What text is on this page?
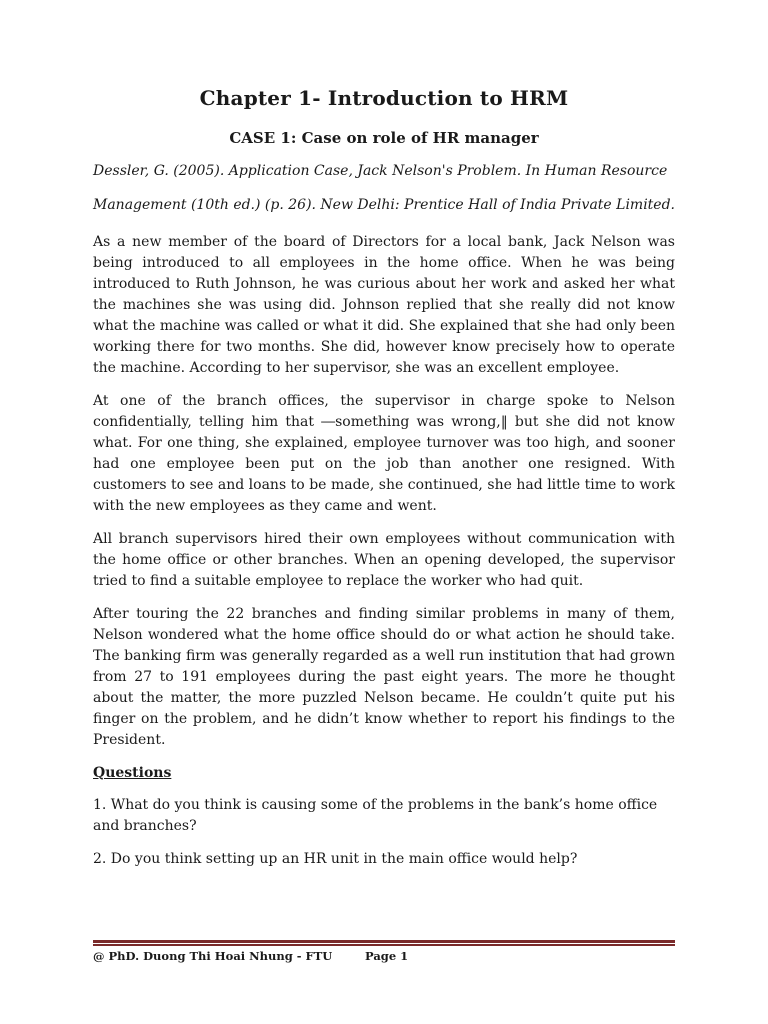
Chapter 1- Introduction to HRM
CASE 1: Case on role of HR manager
Dessler, G. (2005). Application Case, Jack Nelson's Problem. In Human Resource
Management (10th ed.) (p. 26). New Delhi: Prentice Hall of India Private Limited.

As a new member of the board of Directors for a local bank, Jack Nelson was being introduced to all employees in the home office. When he was being introduced to Ruth Johnson, he was curious about her work and asked her what the machines she was using did. Johnson replied that she really did not know what the machine was called or what it did. She explained that she had only been working there for two months. She did, however know precisely how to operate the machine. According to her supervisor, she was an excellent employee.

At one of the branch offices, the supervisor in charge spoke to Nelson confidentially, telling him that ―something was wrong,‖ but she did not know what. For one thing, she explained, employee turnover was too high, and sooner had one employee been put on the job than another one resigned. With customers to see and loans to be made, she continued, she had little time to work with the new employees as they came and went.

All branch supervisors hired their own employees without communication with the home office or other branches. When an opening developed, the supervisor tried to find a suitable employee to replace the worker who had quit.

After touring the 22 branches and finding similar problems in many of them, Nelson wondered what the home office should do or what action he should take. The banking firm was generally regarded as a well run institution that had grown from 27 to 191 employees during the past eight years. The more he thought about the matter, the more puzzled Nelson became. He couldn’t quite put his finger on the problem, and he didn’t know whether to report his findings to the President.

Questions

1. What do you think is causing some of the problems in the bank’s home office and branches?

2. Do you think setting up an HR unit in the main office would help?

@ PhD. Duong Thi Hoai Nhung - FTU	Page 1
